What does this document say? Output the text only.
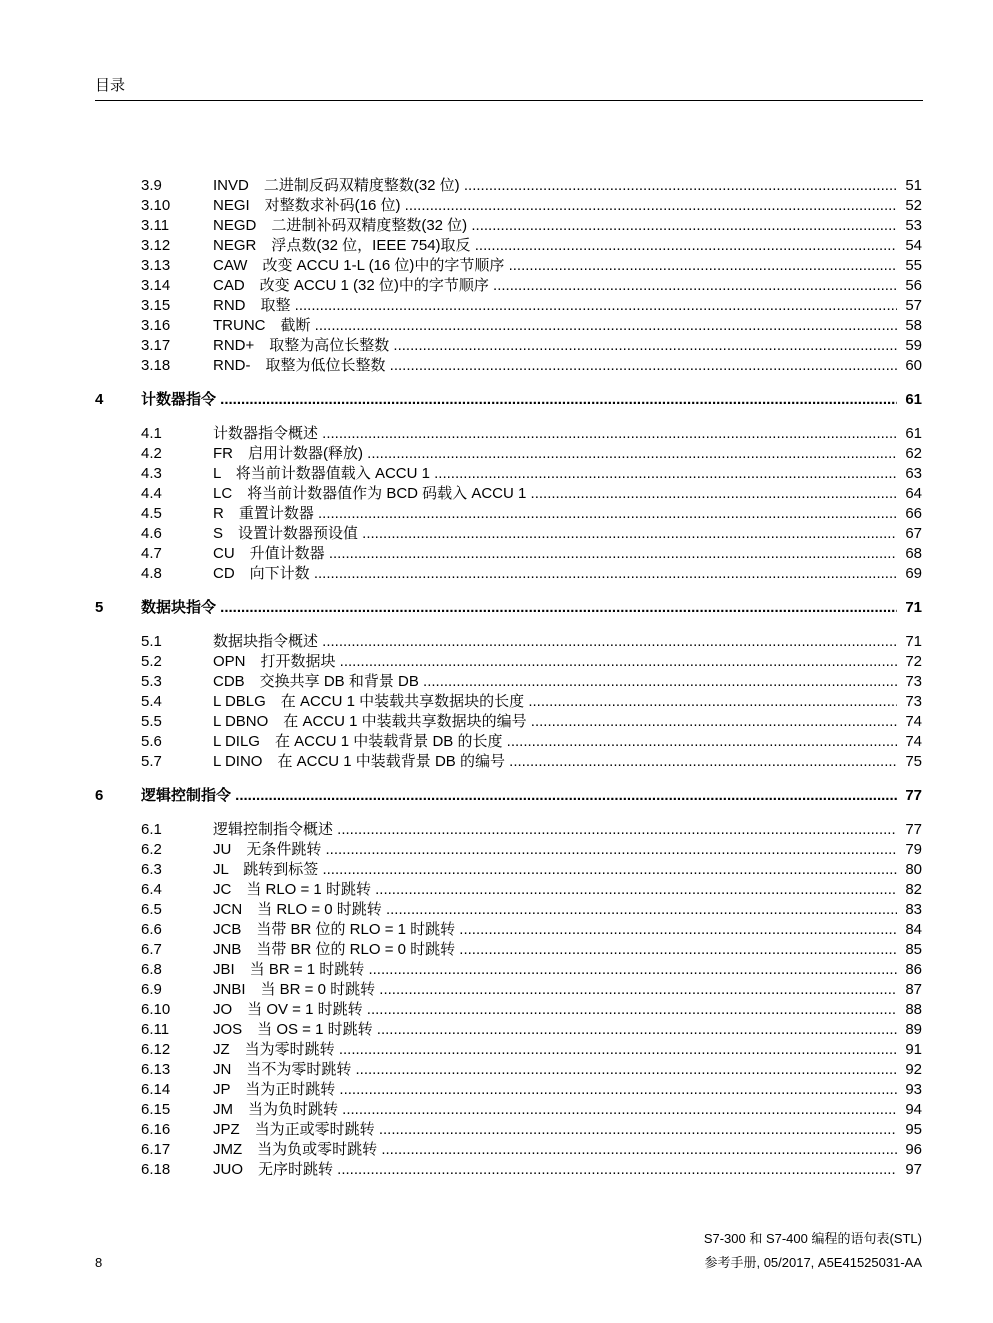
目录
3.9	INVD　二进制反码双精度整数(32 位) .....	51
3.10	NEGI　对整数求补码(16 位) .....	52
3.11	NEGD　二进制补码双精度整数(32 位) .....	53
3.12	NEGR　浮点数(32 位，IEEE 754)取反 .....	54
3.13	CAW　改变 ACCU 1-L (16 位)中的字节顺序 .....	55
3.14	CAD　改变 ACCU 1 (32 位)中的字节顺序 .....	56
3.15	RND　取整 .....	57
3.16	TRUNC　截断 .....	58
3.17	RND+　取整为高位长整数 .....	59
3.18	RND-　取整为低位长整数 .....	60
4	计数器指令 .....	61
4.1	计数器指令概述 .....	61
4.2	FR　启用计数器(释放) .....	62
4.3	L　将当前计数器值载入 ACCU 1 .....	63
4.4	LC　将当前计数器值作为 BCD 码载入 ACCU 1 .....	64
4.5	R　重置计数器 .....	66
4.6	S　设置计数器预设值 .....	67
4.7	CU　升值计数器 .....	68
4.8	CD　向下计数 .....	69
5	数据块指令 .....	71
5.1	数据块指令概述 .....	71
5.2	OPN　打开数据块 .....	72
5.3	CDB　交换共享 DB 和背景 DB .....	73
5.4	L DBLG　在 ACCU 1 中装载共享数据块的长度 .....	73
5.5	L DBNO　在 ACCU 1 中装载共享数据块的编号 .....	74
5.6	L DILG　在 ACCU 1 中装载背景 DB 的长度 .....	74
5.7	L DINO　在 ACCU 1 中装载背景 DB 的编号 .....	75
6	逻辑控制指令 .....	77
6.1	逻辑控制指令概述 .....	77
6.2	JU　无条件跳转 .....	79
6.3	JL　跳转到标签 .....	80
6.4	JC　当 RLO = 1 时跳转 .....	82
6.5	JCN　当 RLO = 0 时跳转 .....	83
6.6	JCB　当带 BR 位的 RLO = 1 时跳转 .....	84
6.7	JNB　当带 BR 位的 RLO = 0 时跳转 .....	85
6.8	JBI　当 BR = 1 时跳转 .....	86
6.9	JNBI　当 BR = 0 时跳转 .....	87
6.10	JO　当 OV = 1 时跳转 .....	88
6.11	JOS　当 OS = 1 时跳转 .....	89
6.12	JZ　当为零时跳转 .....	91
6.13	JN　当不为零时跳转 .....	92
6.14	JP　当为正时跳转 .....	93
6.15	JM　当为负时跳转 .....	94
6.16	JPZ　当为正或零时跳转 .....	95
6.17	JMZ　当为负或零时跳转 .....	96
6.18	JUO　无序时跳转 .....	97
8
S7-300 和 S7-400 编程的语句表(STL)
参考手册, 05/2017, A5E41525031-AA
